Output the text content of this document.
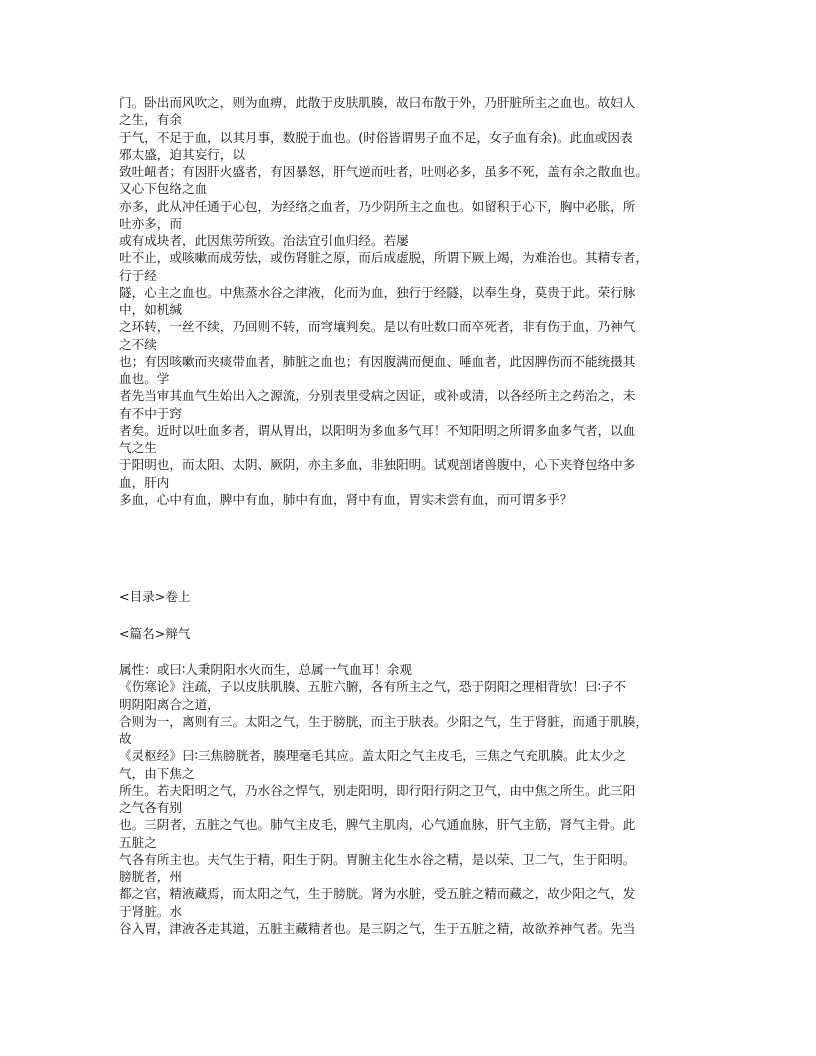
门。卧出而风吹之，则为血痹，此散于皮肤肌腠，故曰布散于外，乃肝脏所主之血也。故妇人
之生，有余
于气，不足于血，以其月事，数脱于血也。(时俗皆谓男子血不足，女子血有余)。此血或因表
邪太盛，迫其妄行，以
致吐衄者；有因肝火盛者，有因暴怒，肝气逆而吐者，吐则必多，虽多不死，盖有余之散血也。
又心下包络之血
亦多，此从冲任通于心包，为经络之血者，乃少阴所主之血也。如留积于心下，胸中必胀，所
吐亦多，而
或有成块者，此因焦劳所致。治法宜引血归经。若屡
吐不止，或咳嗽而成劳怯，或伤肾脏之原，而后成虚脱，所谓下厥上竭，为难治也。其精专者，
行于经
隧，心主之血也。中焦蒸水谷之津液，化而为血，独行于经隧，以奉生身，莫贵于此。荣行脉
中，如机缄
之环转，一丝不续，乃回则不转，而穹壤判矣。是以有吐数口而卒死者，非有伤于血，乃神气
之不续
也；有因咳嗽而夹痰带血者，肺脏之血也；有因腹满而便血、唾血者，此因脾伤而不能统摄其
血也。学
者先当审其血气生始出入之源流，分别表里受病之因证，或补或清，以各经所主之药治之，未
有不中于窍
者矣。近时以吐血多者，谓从胃出，以阳明为多血多气耳！不知阳明之所谓多血多气者，以血
气之生
于阳明也，而太阳、太阴、厥阴，亦主多血，非独阳明。试观剖诸兽腹中，心下夹脊包络中多
血，肝内
多血，心中有血，脾中有血，肺中有血，肾中有血，胃实未尝有血，而可谓多乎？
<目录>卷上
<篇名>辩气
属性：或曰∶人秉阴阳水火而生，总属一气血耳！余观
《伤寒论》注疏，子以皮肤肌腠、五脏六腑，各有所主之气，恐于阴阳之理相背欤！曰∶子不
明阴阳离合之道，
合则为一，离则有三。太阳之气，生于膀胱，而主于肤表。少阳之气，生于肾脏，而通于肌腠，
故
《灵枢经》曰∶三焦膀胱者，腠理毫毛其应。盖太阳之气主皮毛，三焦之气充肌腠。此太少之
气，由下焦之
所生。若夫阳明之气，乃水谷之悍气，别走阳明，即行阳行阴之卫气，由中焦之所生。此三阳
之气各有别
也。三阴者，五脏之气也。肺气主皮毛，脾气主肌肉，心气通血脉，肝气主筋，肾气主骨。此
五脏之
气各有所主也。夫气生于精，阳生于阴。胃腑主化生水谷之精，是以荣、卫二气，生于阳明。
膀胱者，州
都之官，精液藏焉，而太阳之气，生于膀胱。肾为水脏，受五脏之精而藏之，故少阳之气，发
于肾脏。水
谷入胃，津液各走其道，五脏主藏精者也。是三阴之气，生于五脏之精，故欲养神气者。先当
